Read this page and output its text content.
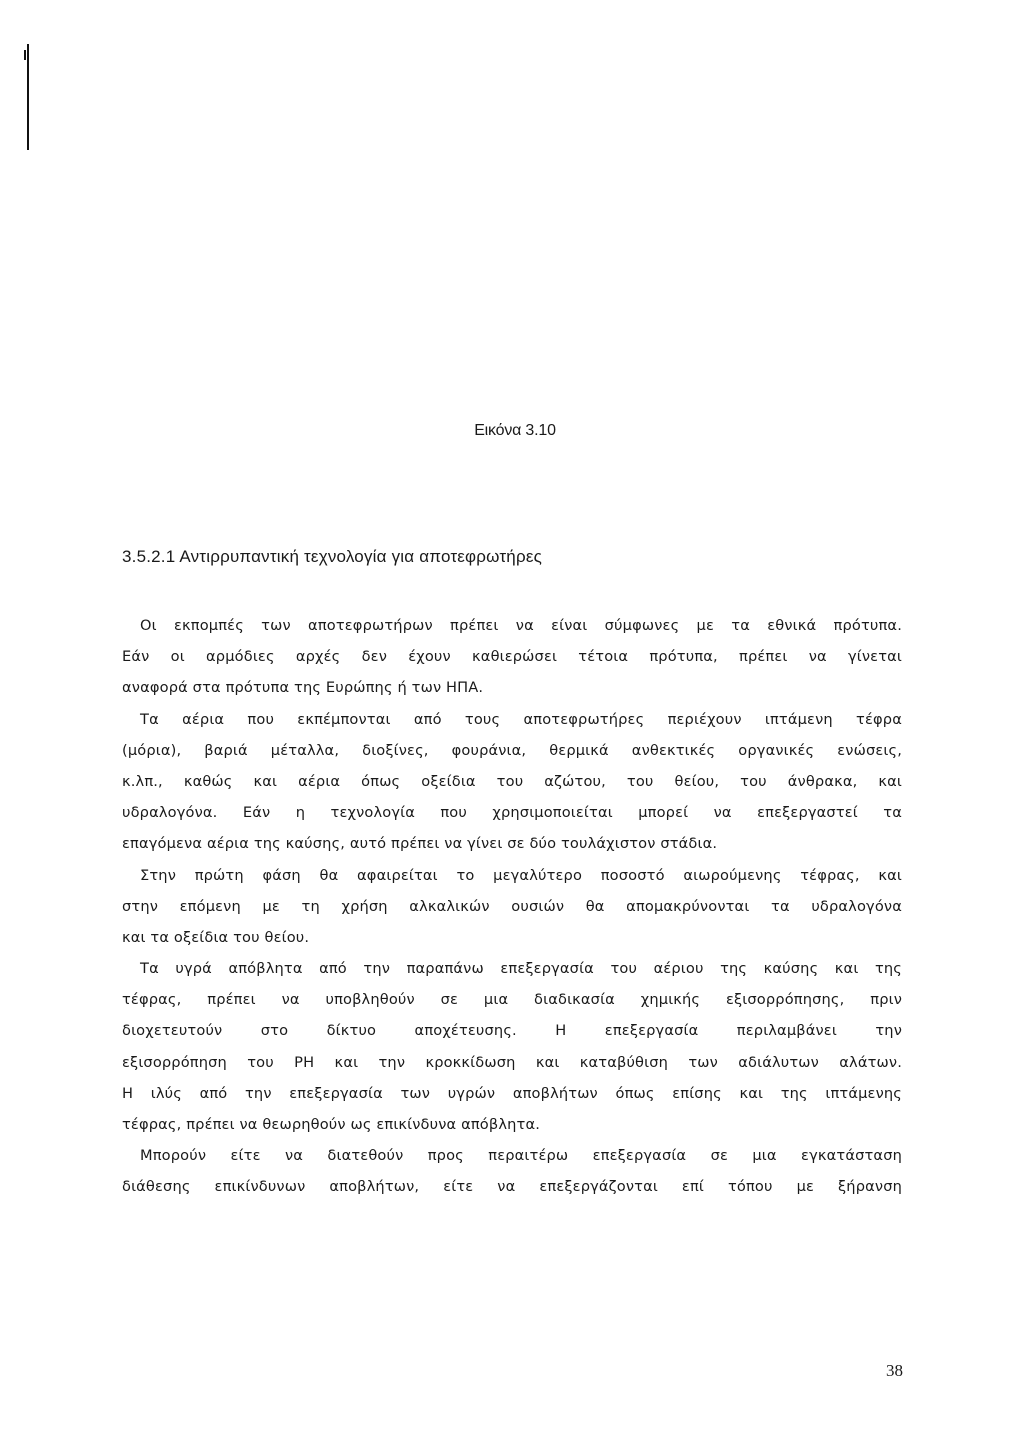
Εικόνα 3.10
3.5.2.1 Αντιρρυπαντική τεχνολογία για αποτεφρωτήρες
Οι εκπομπές των αποτεφρωτήρων πρέπει να είναι σύμφωνες με τα εθνικά πρότυπα.
Εάν οι αρμόδιες αρχές δεν έχουν καθιερώσει τέτοια πρότυπα, πρέπει να γίνεται
αναφορά στα πρότυπα της Ευρώπης ή των ΗΠΑ.
Τα αέρια που εκπέμπονται από τους αποτεφρωτήρες περιέχουν ιπτάμενη τέφρα
(μόρια), βαριά μέταλλα, διοξίνες, φουράνια, θερμικά ανθεκτικές οργανικές ενώσεις,
κ.λπ., καθώς και αέρια όπως οξείδια του αζώτου, του θείου, του άνθρακα, και
υδραλογόνα. Εάν η τεχνολογία που χρησιμοποιείται μπορεί να επεξεργαστεί τα
επαγόμενα αέρια της καύσης, αυτό πρέπει να γίνει σε δύο τουλάχιστον στάδια.
Στην πρώτη φάση θα αφαιρείται το μεγαλύτερο ποσοστό αιωρούμενης τέφρας, και
στην επόμενη με τη χρήση αλκαλικών ουσιών θα απομακρύνονται τα υδραλογόνα
και τα οξείδια του θείου.
Τα υγρά απόβλητα από την παραπάνω επεξεργασία του αέριου της καύσης και της
τέφρας, πρέπει να υποβληθούν σε μια διαδικασία χημικής εξισορρόπησης, πριν
διοχετευτούν στο δίκτυο αποχέτευσης. Η επεξεργασία περιλαμβάνει την
εξισορρόπηση του PH και την κροκκίδωση και καταβύθιση των αδιάλυτων αλάτων.
Η ιλύς από την επεξεργασία των υγρών αποβλήτων όπως επίσης και της ιπτάμενης
τέφρας, πρέπει να θεωρηθούν ως επικίνδυνα απόβλητα.
Μπορούν είτε να διατεθούν προς περαιτέρω επεξεργασία σε μια εγκατάσταση
διάθεσης επικίνδυνων αποβλήτων, είτε να επεξεργάζονται επί τόπου με ξήρανση
38
